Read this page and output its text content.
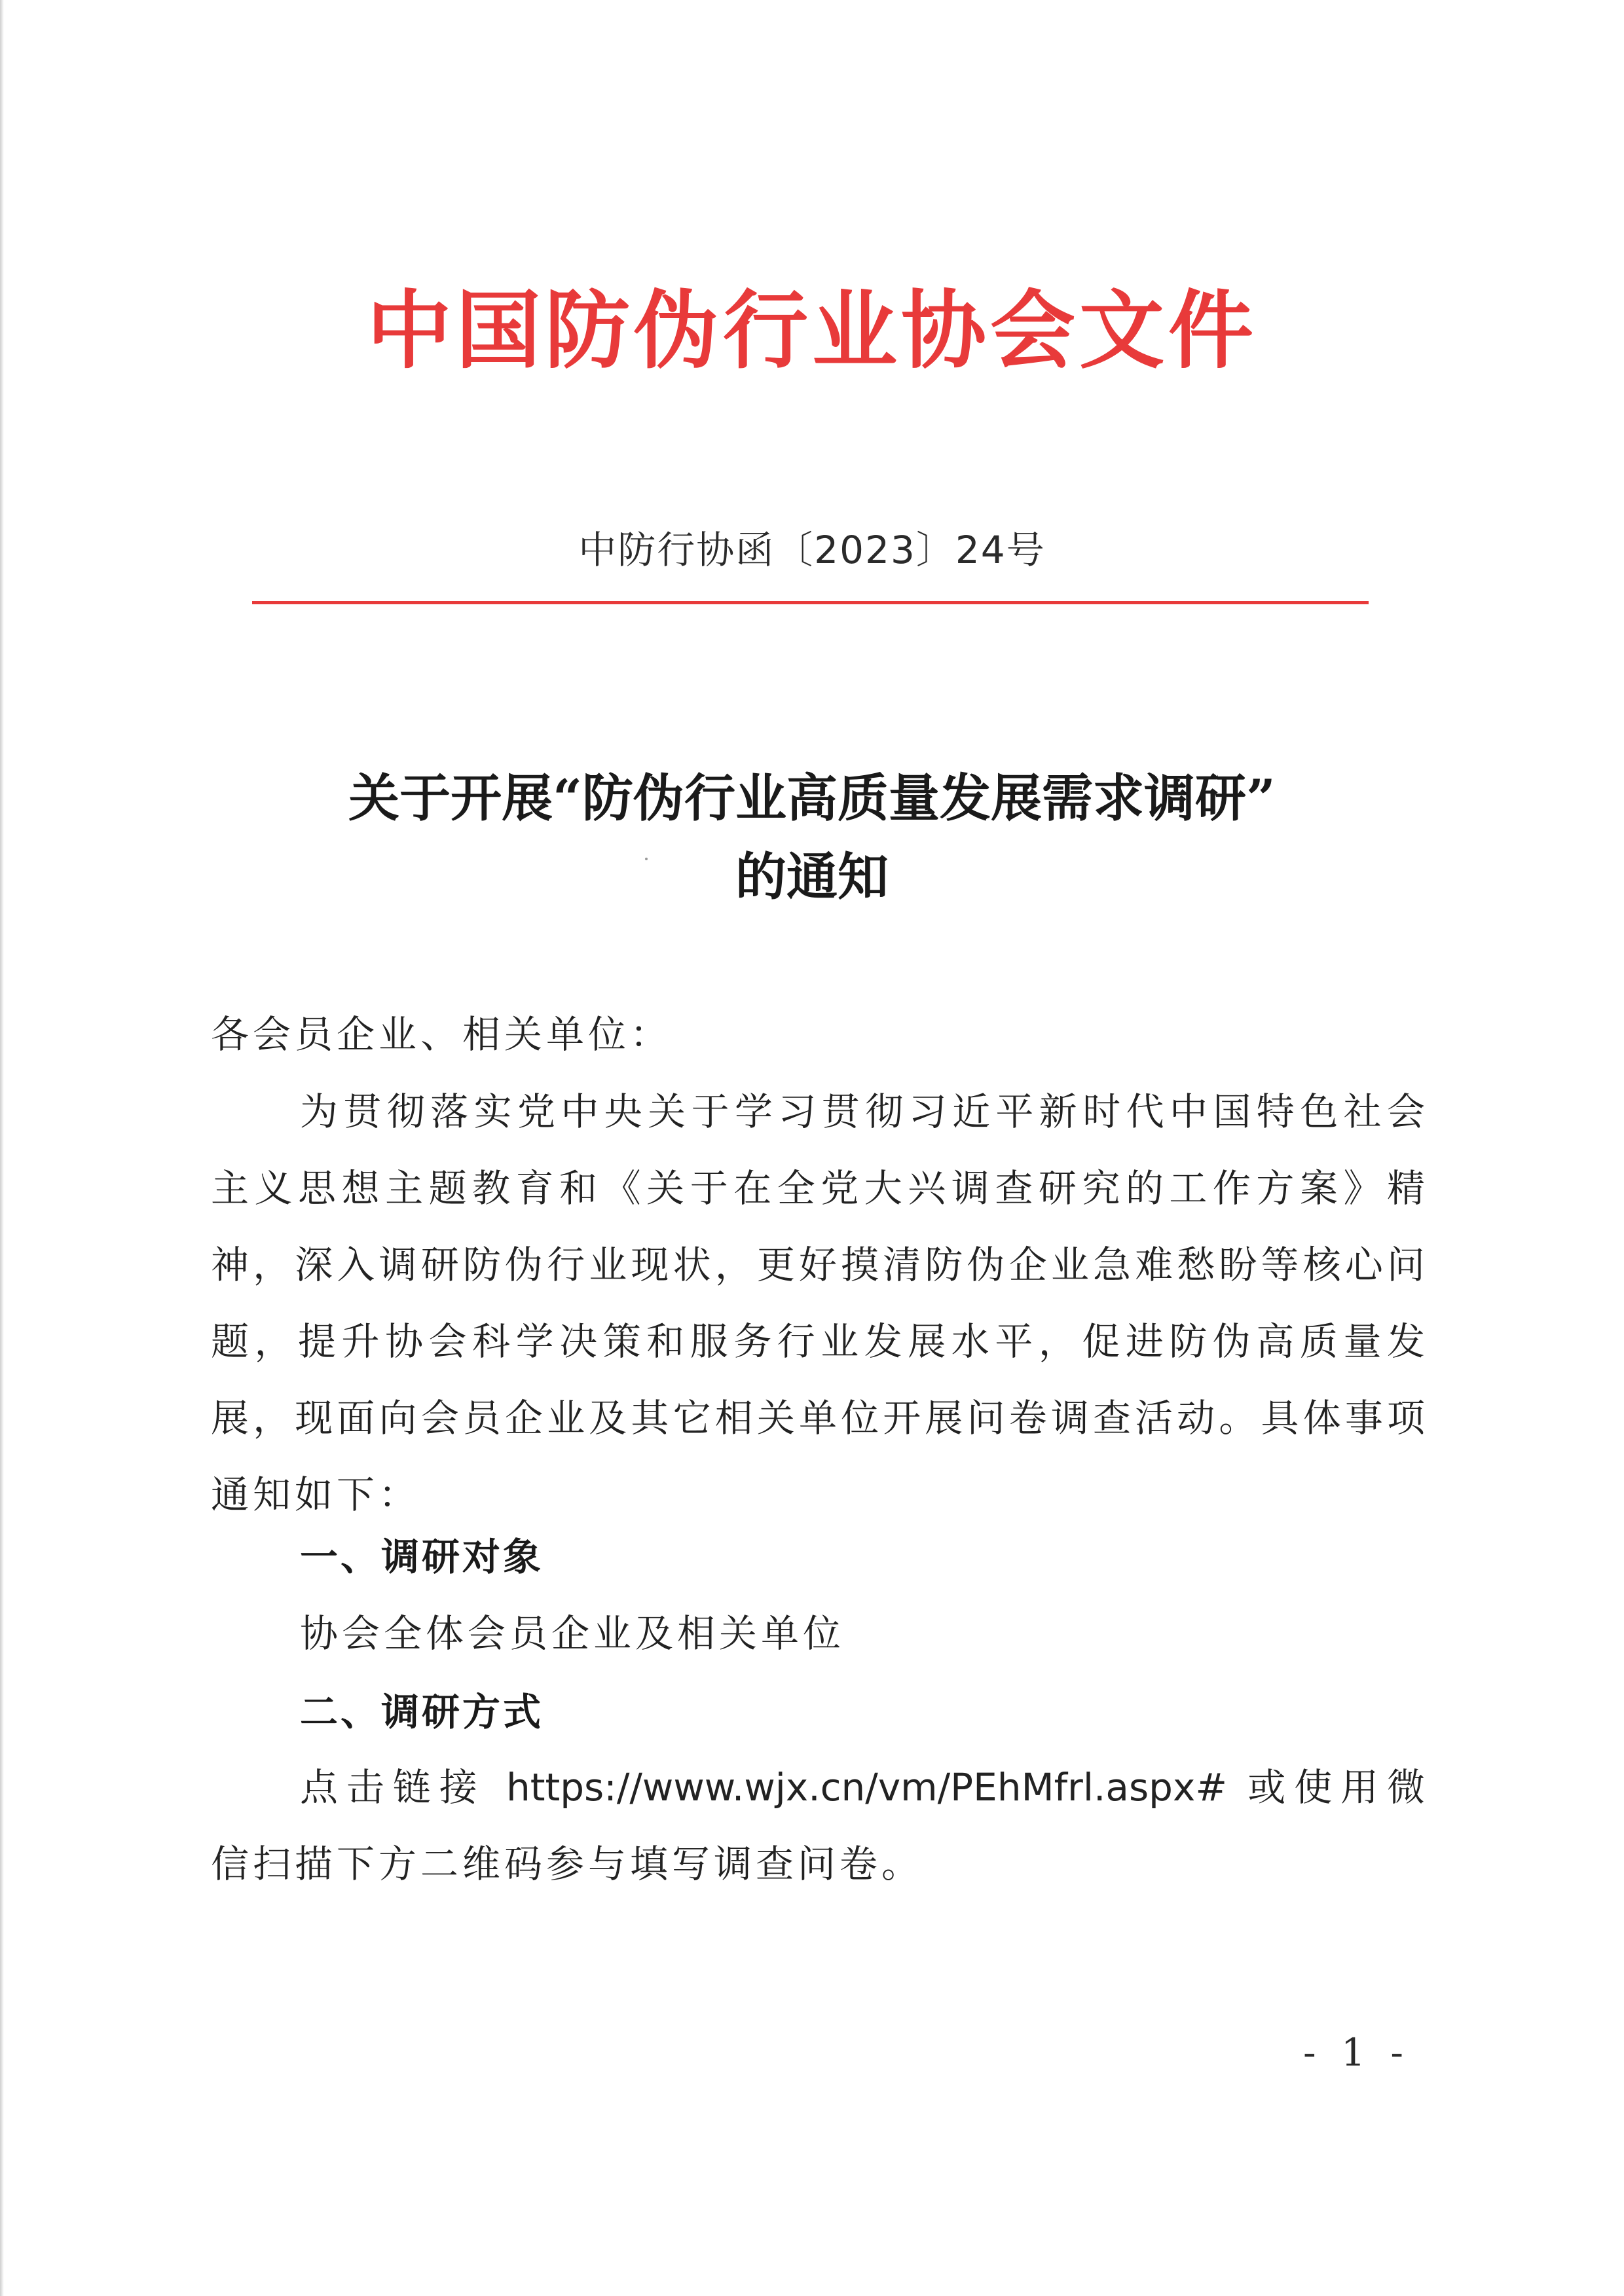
中国防伪行业协会文件
中防行协函〔2023〕24号
关于开展“防伪行业高质量发展需求调研”
的通知
各会员企业、相关单位：
为贯彻落实党中央关于学习贯彻习近平新时代中国特色社会主义思想主题教育和《关于在全党大兴调查研究的工作方案》精神，深入调研防伪行业现状，更好摸清防伪企业急难愁盼等核心问题，提升协会科学决策和服务行业发展水平，促进防伪高质量发展，现面向会员企业及其它相关单位开展问卷调查活动。具体事项通知如下：
一、调研对象
协会全体会员企业及相关单位
二、调研方式
点击链接 https://www.wjx.cn/vm/PEhMfrl.aspx# 或使用微信扫描下方二维码参与填写调查问卷。
- 1 -
